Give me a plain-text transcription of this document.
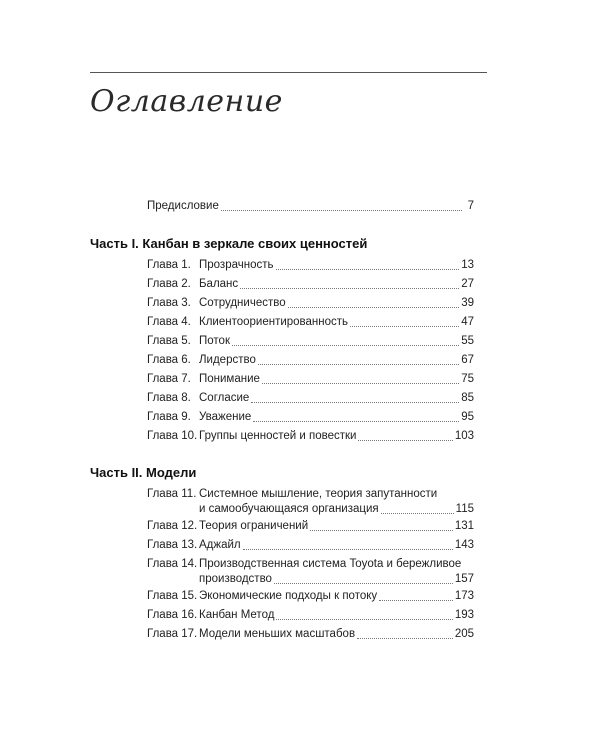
Оглавление
Предисловие	7
Часть I. Канбан в зеркале своих ценностей
Глава 1. Прозрачность	13
Глава 2. Баланс	27
Глава 3. Сотрудничество	39
Глава 4. Клиентоориентированность	47
Глава 5. Поток	55
Глава 6. Лидерство	67
Глава 7. Понимание	75
Глава 8. Согласие	85
Глава 9. Уважение	95
Глава 10. Группы ценностей и повестки	103
Часть II. Модели
Глава 11. Системное мышление, теория запутанности
и самообучающаяся организация	115
Глава 12. Теория ограничений	131
Глава 13. Аджайл	143
Глава 14. Производственная система Toyota и бережливое
производство	157
Глава 15. Экономические подходы к потоку	173
Глава 16. Канбан Метод	193
Глава 17. Модели меньших масштабов	205
